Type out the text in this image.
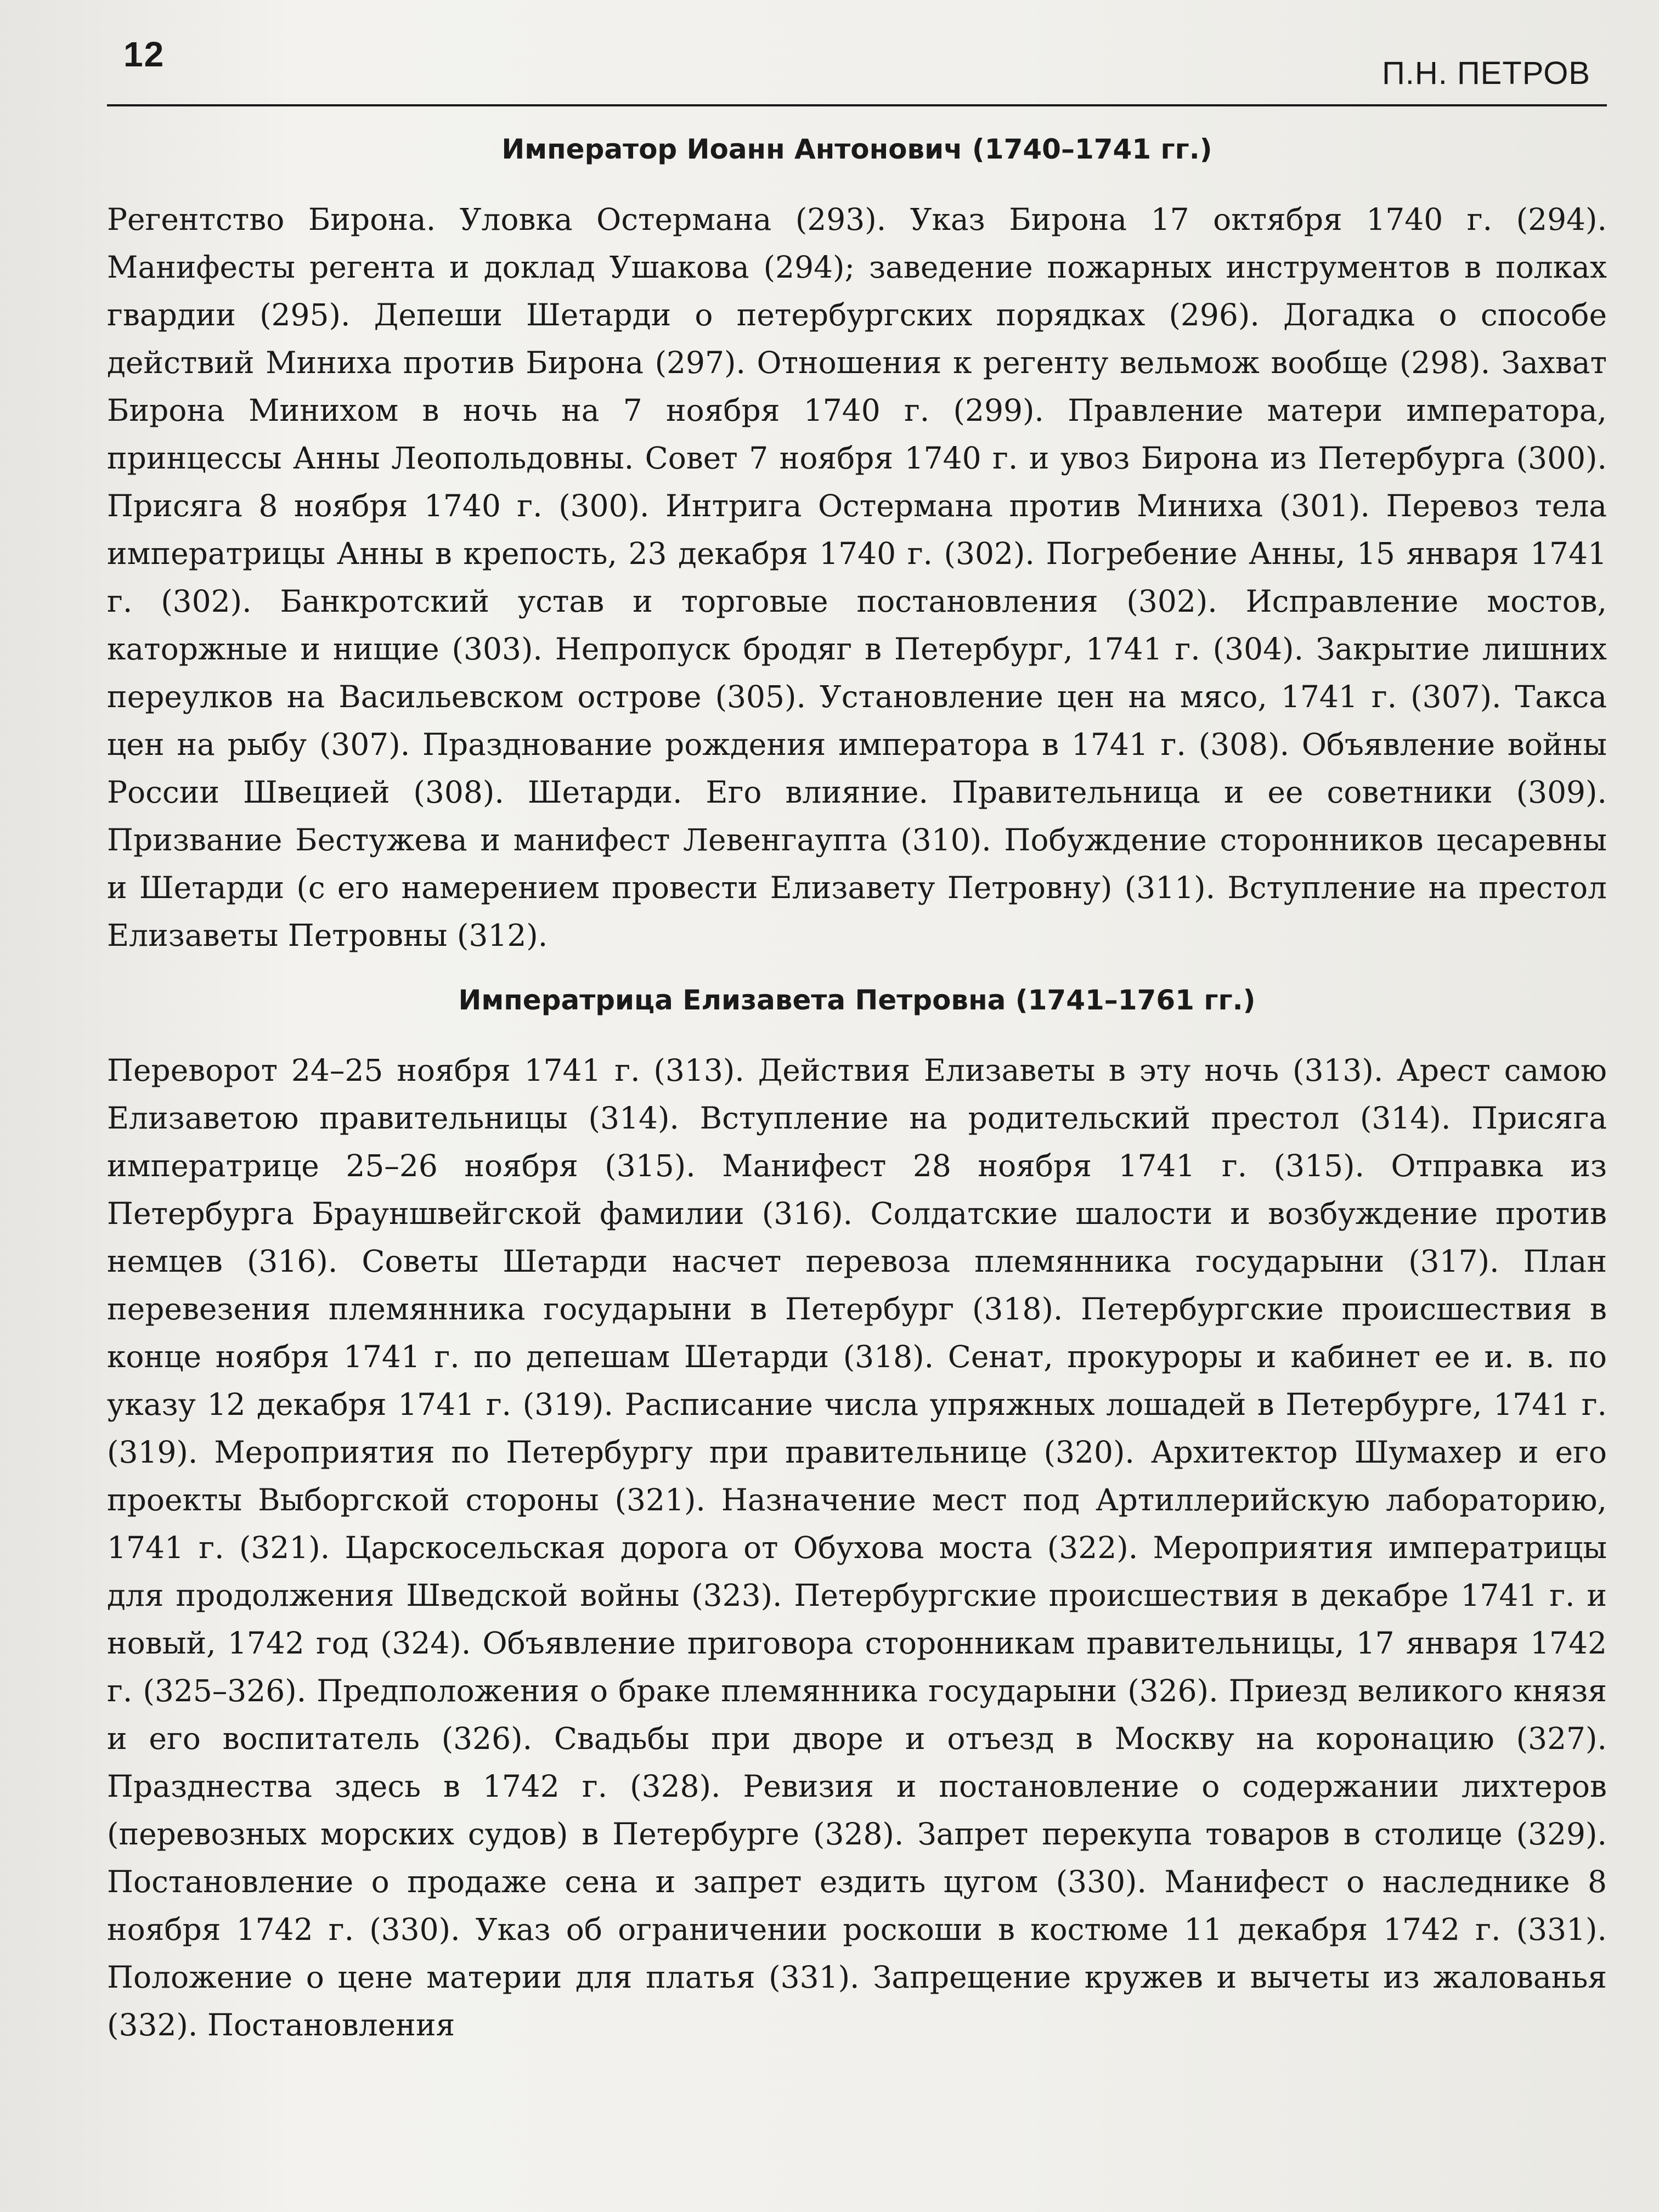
12	П.Н. ПЕТРОВ
Император Иоанн Антонович (1740–1741 гг.)

Регентство Бирона. Уловка Остермана (293). Указ Бирона 17 октября 1740 г. (294). Манифесты регента и доклад Ушакова (294); заведение пожарных инструментов в полках гвардии (295). Депеши Шетарди о петербургских порядках (296). Догадка о способе действий Миниха против Бирона (297). Отношения к регенту вельмож вообще (298). Захват Бирона Минихом в ночь на 7 ноября 1740 г. (299). Правление матери императора, принцессы Анны Леопольдовны. Совет 7 ноября 1740 г. и увоз Бирона из Петербурга (300). Присяга 8 ноября 1740 г. (300). Интрига Остермана против Миниха (301). Перевоз тела императрицы Анны в крепость, 23 декабря 1740 г. (302). Погребение Анны, 15 января 1741 г. (302). Банкротский устав и торговые постановления (302). Исправление мостов, каторжные и нищие (303). Непропуск бродяг в Петербург, 1741 г. (304). Закрытие лишних переулков на Васильевском острове (305). Установление цен на мясо, 1741 г. (307). Такса цен на рыбу (307). Празднование рождения императора в 1741 г. (308). Объявление войны России Швецией (308). Шетарди. Его влияние. Правительница и ее советники (309). Призвание Бестужева и манифест Левенгаупта (310). Побуждение сторонников цесаревны и Шетарди (с его намерением провести Елизавету Петровну) (311). Вступление на престол Елизаветы Петровны (312).

Императрица Елизавета Петровна (1741–1761 гг.)

Переворот 24–25 ноября 1741 г. (313). Действия Елизаветы в эту ночь (313). Арест самою Елизаветою правительницы (314). Вступление на родительский престол (314). Присяга императрице 25–26 ноября (315). Манифест 28 ноября 1741 г. (315). Отправка из Петербурга Брауншвейгской фамилии (316). Солдатские шалости и возбуждение против немцев (316). Советы Шетарди насчет перевоза племянника государыни (317). План перевезения племянника государыни в Петербург (318). Петербургские происшествия в конце ноября 1741 г. по депешам Шетарди (318). Сенат, прокуроры и кабинет ее и. в. по указу 12 декабря 1741 г. (319). Расписание числа упряжных лошадей в Петербурге, 1741 г. (319). Мероприятия по Петербургу при правительнице (320). Архитектор Шумахер и его проекты Выборгской стороны (321). Назначение мест под Артиллерийскую лабораторию, 1741 г. (321). Царскосельская дорога от Обухова моста (322). Мероприятия императрицы для продолжения Шведской войны (323). Петербургские происшествия в декабре 1741 г. и новый, 1742 год (324). Объявление приговора сторонникам правительницы, 17 января 1742 г. (325–326). Предположения о браке племянника государыни (326). Приезд великого князя и его воспитатель (326). Свадьбы при дворе и отъезд в Москву на коронацию (327). Празднества здесь в 1742 г. (328). Ревизия и постановление о содержании лихтеров (перевозных морских судов) в Петербурге (328). Запрет перекупа товаров в столице (329). Постановление о продаже сена и запрет ездить цугом (330). Манифест о наследнике 8 ноября 1742 г. (330). Указ об ограничении роскоши в костюме 11 декабря 1742 г. (331). Положение о цене материи для платья (331). Запрещение кружев и вычеты из жалованья (332). Постановления
